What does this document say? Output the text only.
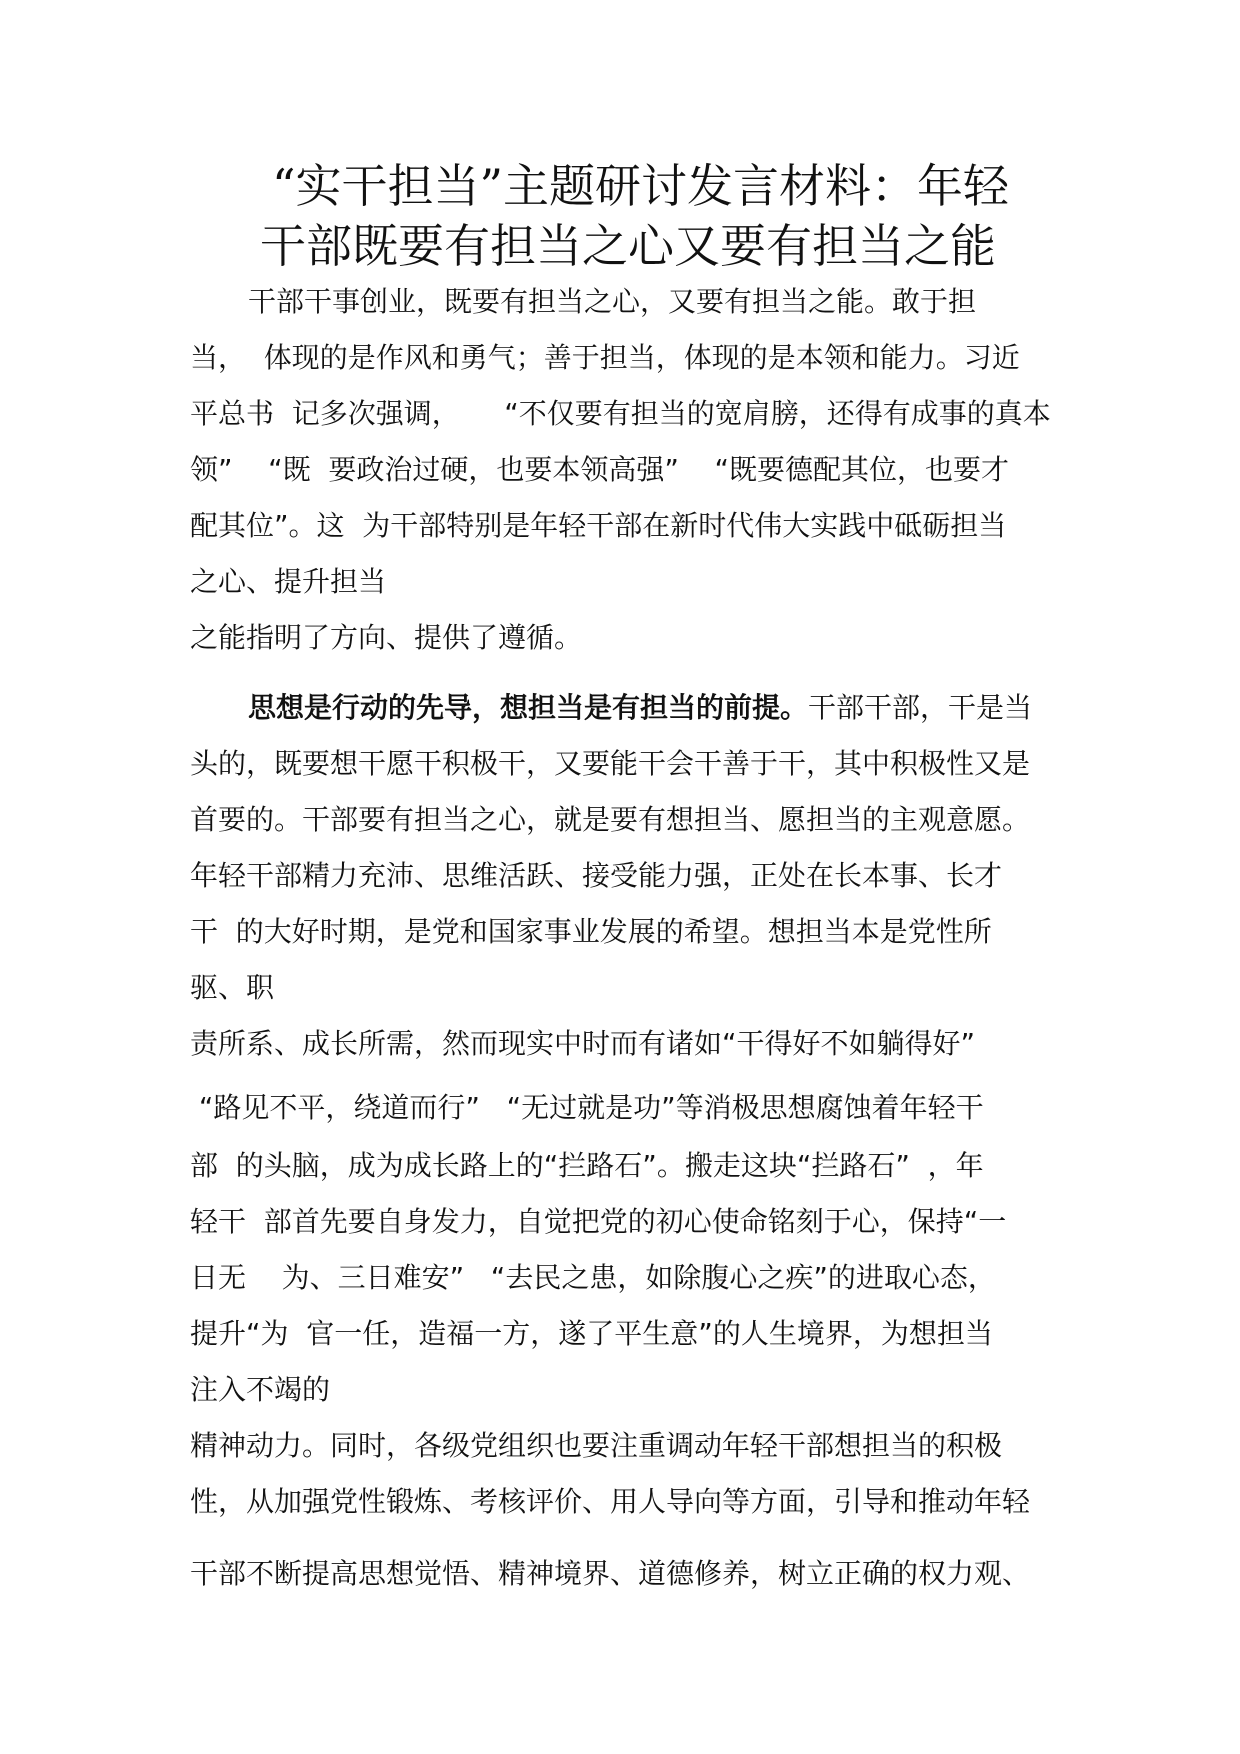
“实干担当”主题研讨发言材料：年轻
干部既要有担当之心又要有担当之能
干部干事创业，既要有担当之心，又要有担当之能。敢于担
当，  体现的是作风和勇气；善于担当，体现的是本领和能力。习近
平总书  记多次强调，     “不仅要有担当的宽肩膀，还得有成事的真本
领”    “既  要政治过硬，也要本领高强”    “既要德配其位，也要才
配其位”。这  为干部特别是年轻干部在新时代伟大实践中砥砺担当
之心、提升担当
之能指明了方向、提供了遵循。
思想是行动的先导，想担当是有担当的前提。干部干部，干是当
头的，既要想干愿干积极干，又要能干会干善于干，其中积极性又是
首要的。干部要有担当之心，就是要有想担当、愿担当的主观意愿。
年轻干部精力充沛、思维活跃、接受能力强，正处在长本事、长才
干  的大好时期，是党和国家事业发展的希望。想担当本是党性所
驱、职
责所系、成长所需，然而现实中时而有诸如“干得好不如躺得好”
“路见不平，绕道而行”   “无过就是功”等消极思想腐蚀着年轻干
部  的头脑，成为成长路上的“拦路石”。搬走这块“拦路石”  ，年
轻干  部首先要自身发力，自觉把党的初心使命铭刻于心，保持“一
日无    为、三日难安”   “去民之患，如除腹心之疾”的进取心态，
提升“为  官一任，造福一方，遂了平生意”的人生境界，为想担当
注入不竭的
精神动力。同时，各级党组织也要注重调动年轻干部想担当的积极
性，从加强党性锻炼、考核评价、用人导向等方面，引导和推动年轻
干部不断提高思想觉悟、精神境界、道德修养，树立正确的权力观、
